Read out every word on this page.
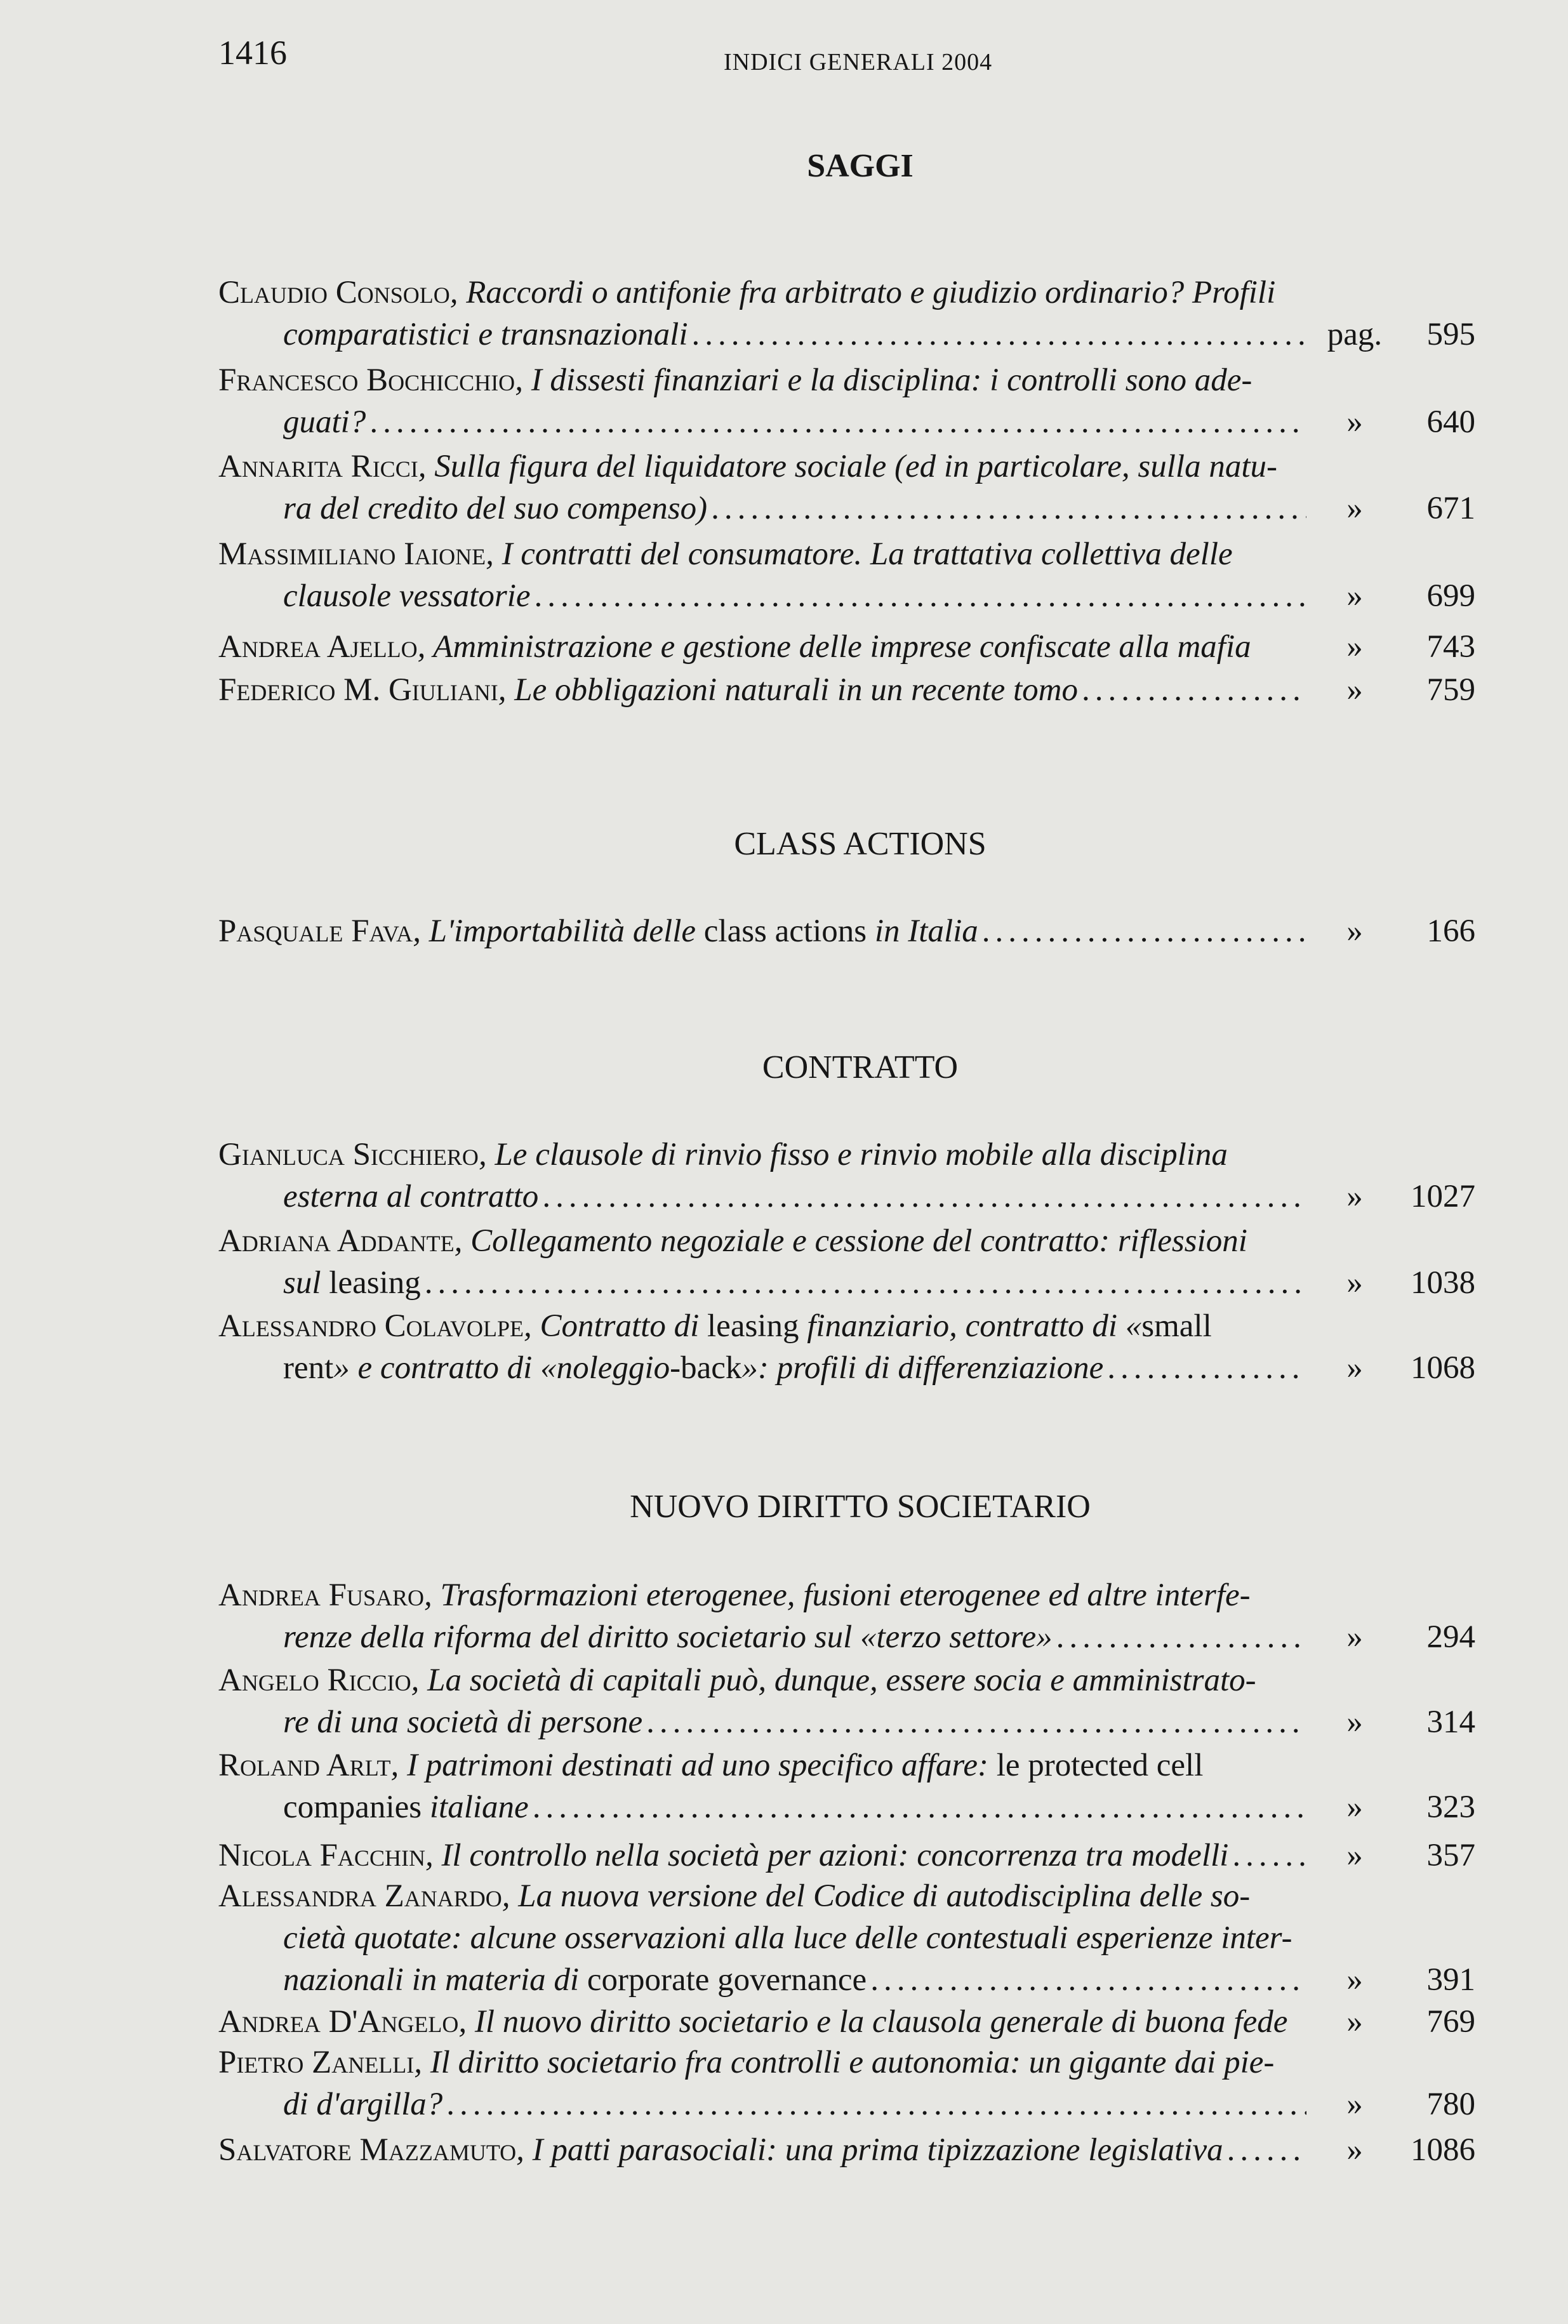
1416	INDICI GENERALI 2004
SAGGI
Claudio Consolo, Raccordi o antifonie fra arbitrato e giudizio ordinario? Profili
comparatistici e transnazionali .....	pag.	595
Francesco Bochicchio, I dissesti finanziari e la disciplina: i controlli sono ade-
guati? .....	»	640
Annarita Ricci, Sulla figura del liquidatore sociale (ed in particolare, sulla natu-
ra del credito del suo compenso) .....	»	671
Massimiliano Iaione, I contratti del consumatore. La trattativa collettiva delle
clausole vessatorie .....	»	699
Andrea Ajello, Amministrazione e gestione delle imprese confiscate alla mafia	»	743
Federico M. Giuliani, Le obbligazioni naturali in un recente tomo .....	»	759
CLASS ACTIONS
Pasquale Fava, L'importabilità delle class actions in Italia .....	»	166
CONTRATTO
Gianluca Sicchiero, Le clausole di rinvio fisso e rinvio mobile alla disciplina
esterna al contratto .....	»	1027
Adriana Addante, Collegamento negoziale e cessione del contratto: riflessioni
sul leasing .....	»	1038
Alessandro Colavolpe, Contratto di leasing finanziario, contratto di «small
rent» e contratto di «noleggio-back»: profili di differenziazione .....	»	1068
NUOVO DIRITTO SOCIETARIO
Andrea Fusaro, Trasformazioni eterogenee, fusioni eterogenee ed altre interfe-
renze della riforma del diritto societario sul «terzo settore» .....	»	294
Angelo Riccio, La società di capitali può, dunque, essere socia e amministrato-
re di una società di persone .....	»	314
Roland Arlt, I patrimoni destinati ad uno specifico affare: le protected cell
companies italiane .....	»	323
Nicola Facchin, Il controllo nella società per azioni: concorrenza tra modelli .....	»	357
Alessandra Zanardo, La nuova versione del Codice di autodisciplina delle so-
cietà quotate: alcune osservazioni alla luce delle contestuali esperienze inter-
nazionali in materia di corporate governance .....	»	391
Andrea D'Angelo, Il nuovo diritto societario e la clausola generale di buona fede	»	769
Pietro Zanelli, Il diritto societario fra controlli e autonomia: un gigante dai pie-
di d'argilla? .....	»	780
Salvatore Mazzamuto, I patti parasociali: una prima tipizzazione legislativa .....	»	1086
